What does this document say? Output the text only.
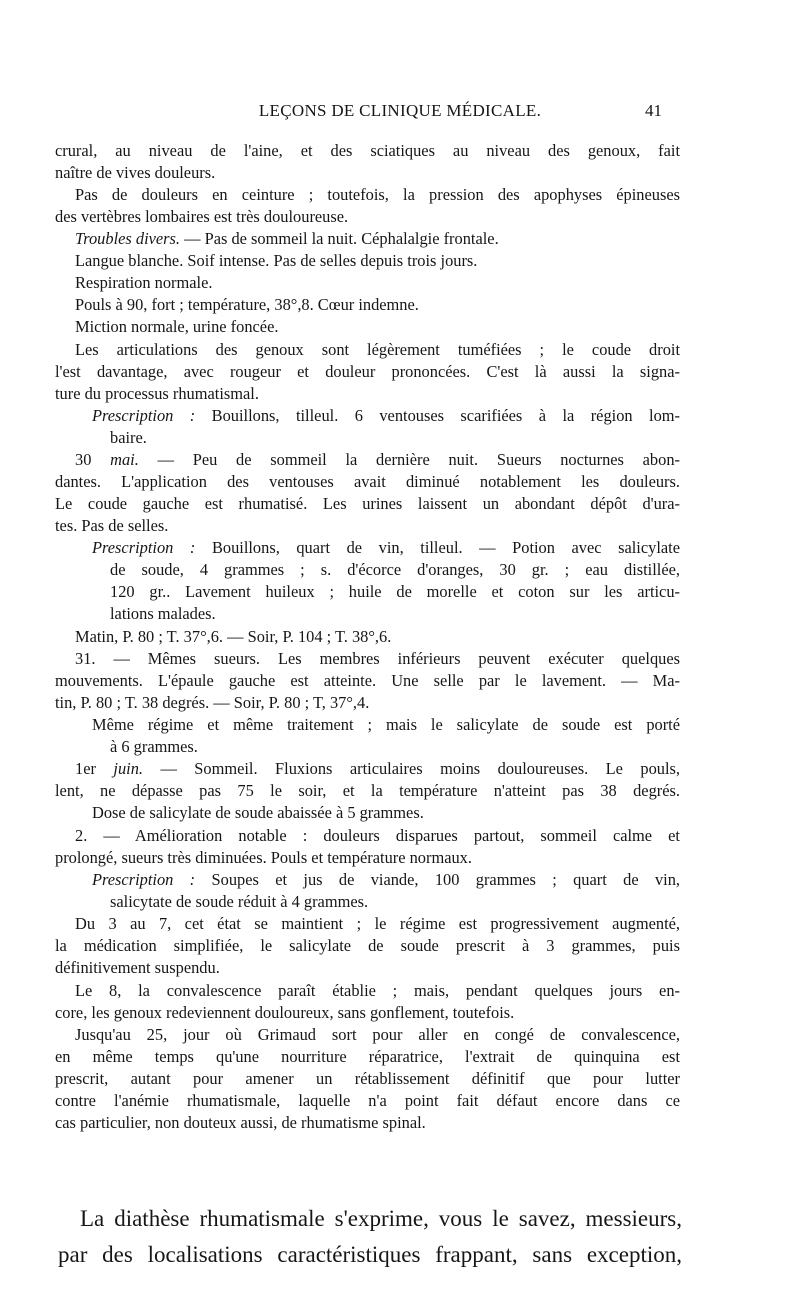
LEÇONS DE CLINIQUE MÉDICALE.	41
crural, au niveau de l'aine, et des sciatiques au niveau des genoux, fait
naître de vives douleurs.
Pas de douleurs en ceinture ; toutefois, la pression des apophyses épineuses
des vertèbres lombaires est très douloureuse.
Troubles divers. — Pas de sommeil la nuit. Céphalalgie frontale.
Langue blanche. Soif intense. Pas de selles depuis trois jours.
Respiration normale.
Pouls à 90, fort ; température, 38°,8. Cœur indemne.
Miction normale, urine foncée.
Les articulations des genoux sont légèrement tuméfiées ; le coude droit
l'est davantage, avec rougeur et douleur prononcées. C'est là aussi la signa-
ture du processus rhumatismal.
Prescription : Bouillons, tilleul. 6 ventouses scarifiées à la région lom-
baire.
30 mai. — Peu de sommeil la dernière nuit. Sueurs nocturnes abon-
dantes. L'application des ventouses avait diminué notablement les douleurs.
Le coude gauche est rhumatisé. Les urines laissent un abondant dépôt d'ura-
tes. Pas de selles.
Prescription : Bouillons, quart de vin, tilleul. — Potion avec salicylate
de soude, 4 grammes ; s. d'écorce d'oranges, 30 gr. ; eau distillée,
120 gr.. Lavement huileux ; huile de morelle et coton sur les articu-
lations malades.
Matin, P. 80 ; T. 37°,6. — Soir, P. 104 ; T. 38°,6.
31. — Mêmes sueurs. Les membres inférieurs peuvent exécuter quelques
mouvements. L'épaule gauche est atteinte. Une selle par le lavement. — Ma-
tin, P. 80 ; T. 38 degrés. — Soir, P. 80 ; T, 37°,4.
Même régime et même traitement ; mais le salicylate de soude est porté
à 6 grammes.
1er juin. — Sommeil. Fluxions articulaires moins douloureuses. Le pouls,
lent, ne dépasse pas 75 le soir, et la température n'atteint pas 38 degrés.
Dose de salicylate de soude abaissée à 5 grammes.
2. — Amélioration notable : douleurs disparues partout, sommeil calme et
prolongé, sueurs très diminuées. Pouls et température normaux.
Prescription : Soupes et jus de viande, 100 grammes ; quart de vin,
salicytate de soude réduit à 4 grammes.
Du 3 au 7, cet état se maintient ; le régime est progressivement augmenté,
la médication simplifiée, le salicylate de soude prescrit à 3 grammes, puis
définitivement suspendu.
Le 8, la convalescence paraît établie ; mais, pendant quelques jours en-
core, les genoux redeviennent douloureux, sans gonflement, toutefois.
Jusqu'au 25, jour où Grimaud sort pour aller en congé de convalescence,
en même temps qu'une nourriture réparatrice, l'extrait de quinquina est
prescrit, autant pour amener un rétablissement définitif que pour lutter
contre l'anémie rhumatismale, laquelle n'a point fait défaut encore dans ce
cas particulier, non douteux aussi, de rhumatisme spinal.
La diathèse rhumatismale s'exprime, vous le savez, messieurs,
par des localisations caractéristiques frappant, sans exception,
